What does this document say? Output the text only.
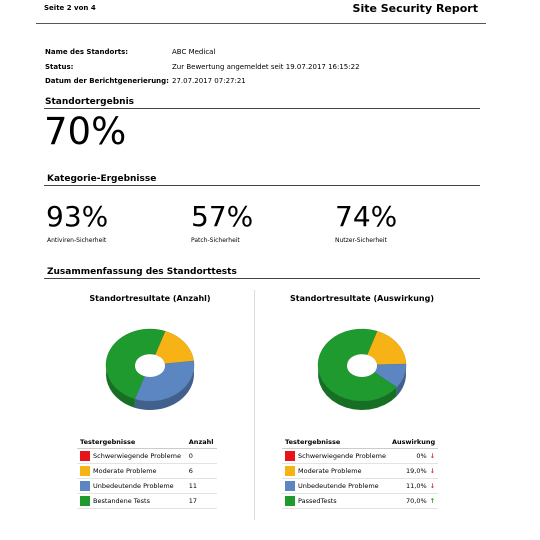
Seite 2 von 4	Site Security Report
Name des Standorts:	ABC Medical
Status:	Zur Bewertung angemeldet seit 19.07.2017 16:15:22
Datum der Berichtgenerierung: 27.07.2017 07:27:21
Standortergebnis
70%
Kategorie-Ergebnisse
93%
Antiviren-Sicherheit
57%
Patch-Sicherheit
74%
Nutzer-Sicherheit
Zusammenfassung des Standorttests
Standortresultate (Anzahl)
Testergebnisse	Anzahl
Schwerwiegende Probleme	0
Moderate Probleme	6
Unbedeutende Probleme	11
Bestandene Tests	17
Standortresultate (Auswirkung)
Testergebnisse	Auswirkung
Schwerwiegende Probleme	0% ↓
Moderate Probleme	19,0% ↓
Unbedeutende Probleme	11,0% ↓
PassedTests	70,0% ↑
